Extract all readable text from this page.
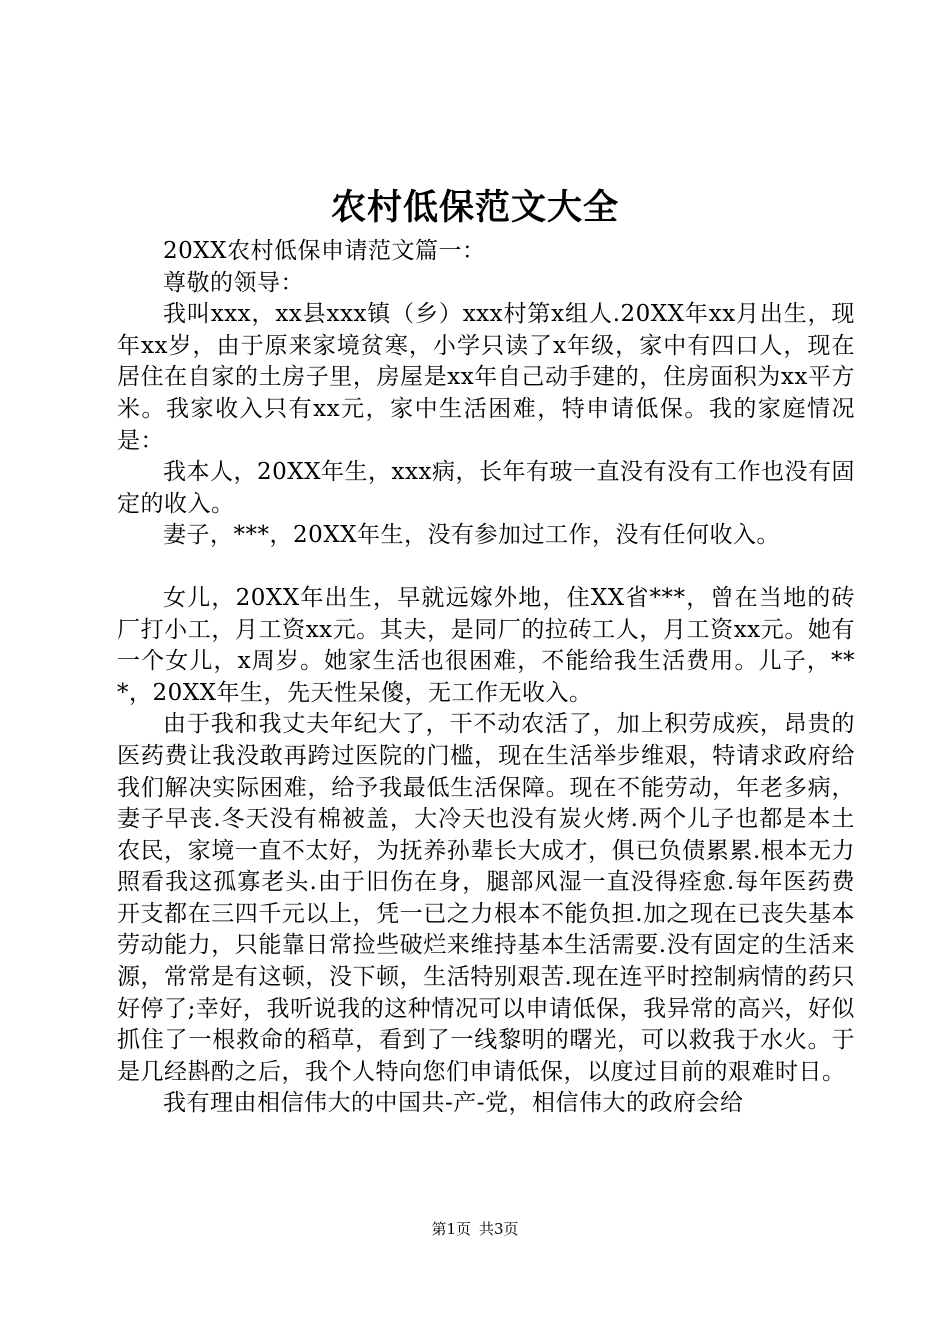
农村低保范文大全

20XX农村低保申请范文篇一：

尊敬的领导：

我叫xxx，xx县xxx镇（乡）xxx村第x组人.20XX年xx月出生，现年xx岁，由于原来家境贫寒，小学只读了x年级，家中有四口人，现在居住在自家的土房子里，房屋是xx年自己动手建的，住房面积为xx平方米。我家收入只有xx元，家中生活困难，特申请低保。我的家庭情况是：

我本人，20XX年生，xxx病，长年有玻一直没有没有工作也没有固定的收入。

妻子，***，20XX年生，没有参加过工作，没有任何收入。

女儿，20XX年出生，早就远嫁外地，住XX省***，曾在当地的砖厂打小工，月工资xx元。其夫，是同厂的拉砖工人，月工资xx元。她有一个女儿，x周岁。她家生活也很困难，不能给我生活费用。儿子，***，20XX年生，先天性呆傻，无工作无收入。

由于我和我丈夫年纪大了，干不动农活了，加上积劳成疾，昂贵的医药费让我没敢再跨过医院的门槛，现在生活举步维艰，特请求政府给我们解决实际困难，给予我最低生活保障。现在不能劳动，年老多病，妻子早丧.冬天没有棉被盖，大冷天也没有炭火烤.两个儿子也都是本土农民，家境一直不太好，为抚养孙辈长大成才，俱已负债累累.根本无力照看我这孤寡老头.由于旧伤在身，腿部风湿一直没得痊愈.每年医药费开支都在三四千元以上，凭一已之力根本不能负担.加之现在已丧失基本劳动能力，只能靠日常捡些破烂来维持基本生活需要.没有固定的生活来源，常常是有这顿，没下顿，生活特别艰苦.现在连平时控制病情的药只好停了;幸好，我听说我的这种情况可以申请低保，我异常的高兴，好似抓住了一根救命的稻草，看到了一线黎明的曙光，可以救我于水火。于是几经斟酌之后，我个人特向您们申请低保，以度过目前的艰难时日。

我有理由相信伟大的中国共-产-党，相信伟大的政府会给

第1页 共3页
